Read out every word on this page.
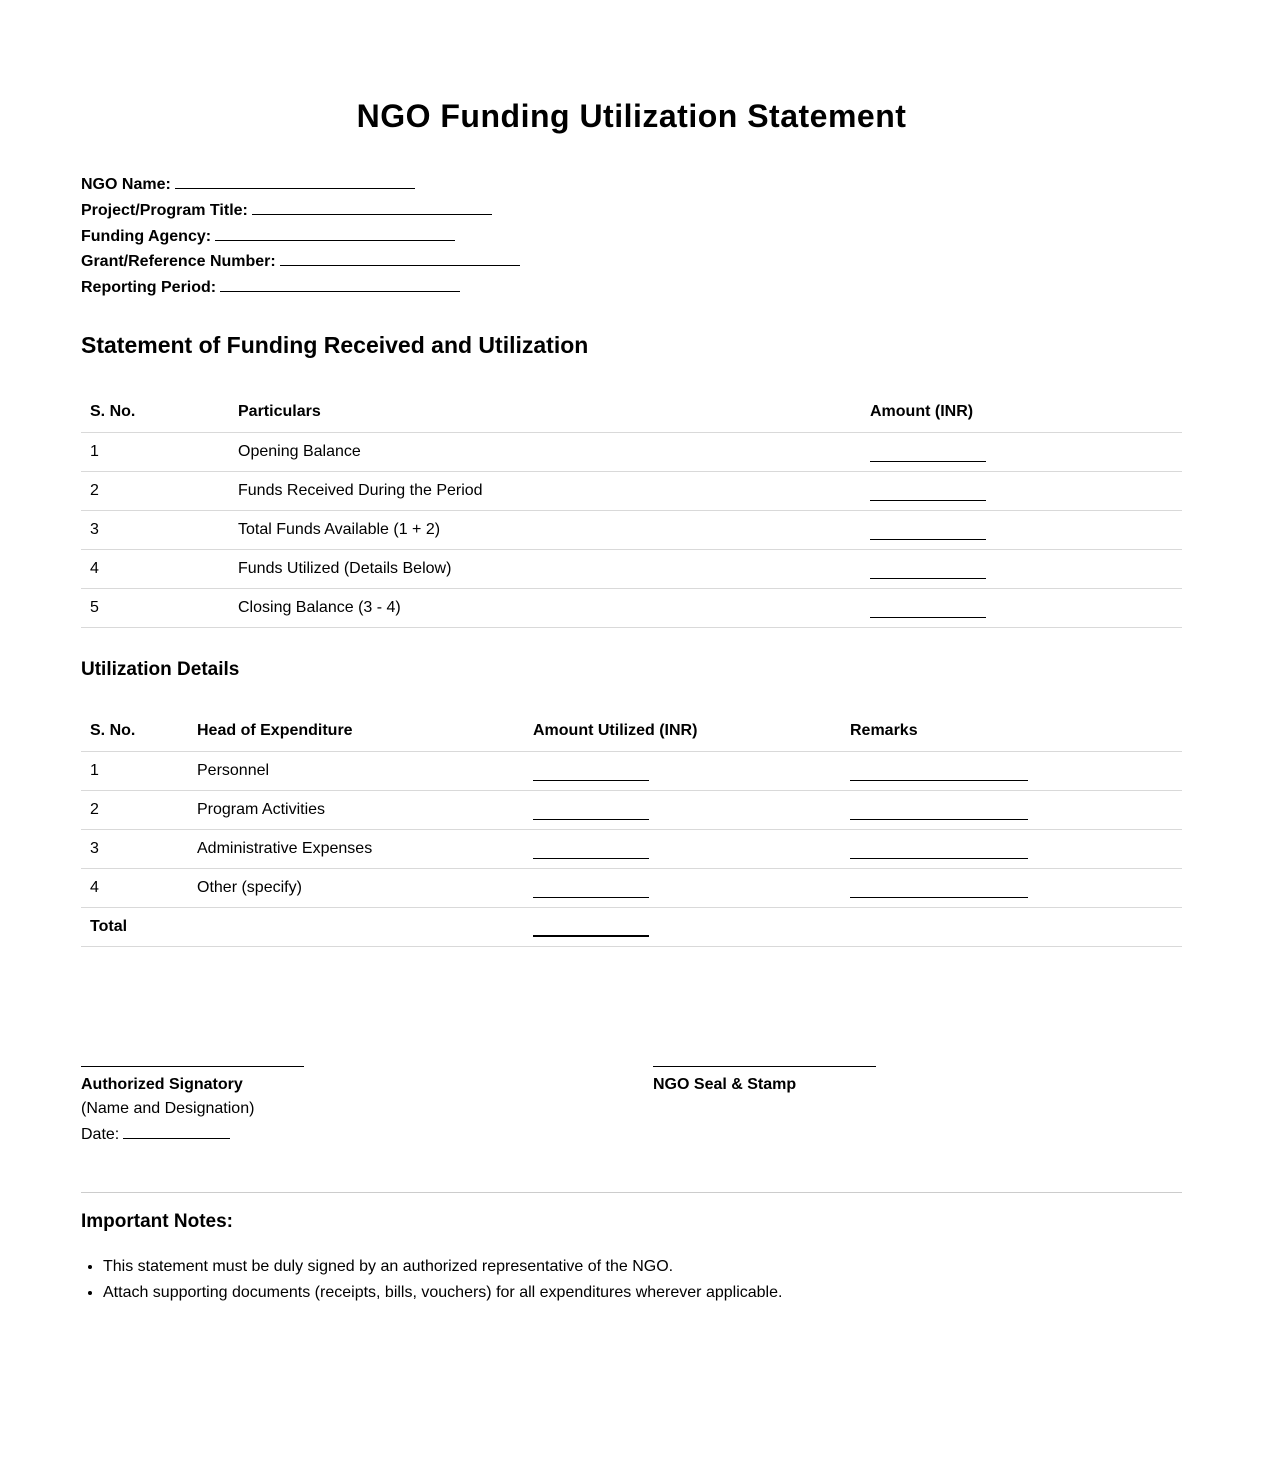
NGO Funding Utilization Statement
NGO Name:
Project/Program Title:
Funding Agency:
Grant/Reference Number:
Reporting Period:
Statement of Funding Received and Utilization
S. No.	Particulars	Amount (INR)
1	Opening Balance	
2	Funds Received During the Period	
3	Total Funds Available (1 + 2)	
4	Funds Utilized (Details Below)	
5	Closing Balance (3 - 4)	
Utilization Details
S. No.	Head of Expenditure	Amount Utilized (INR)	Remarks
1	Personnel		
2	Program Activities		
3	Administrative Expenses		
4	Other (specify)		
Total			
Authorized Signatory
(Name and Designation)
Date:
NGO Seal & Stamp
Important Notes:
• This statement must be duly signed by an authorized representative of the NGO.
• Attach supporting documents (receipts, bills, vouchers) for all expenditures wherever applicable.
